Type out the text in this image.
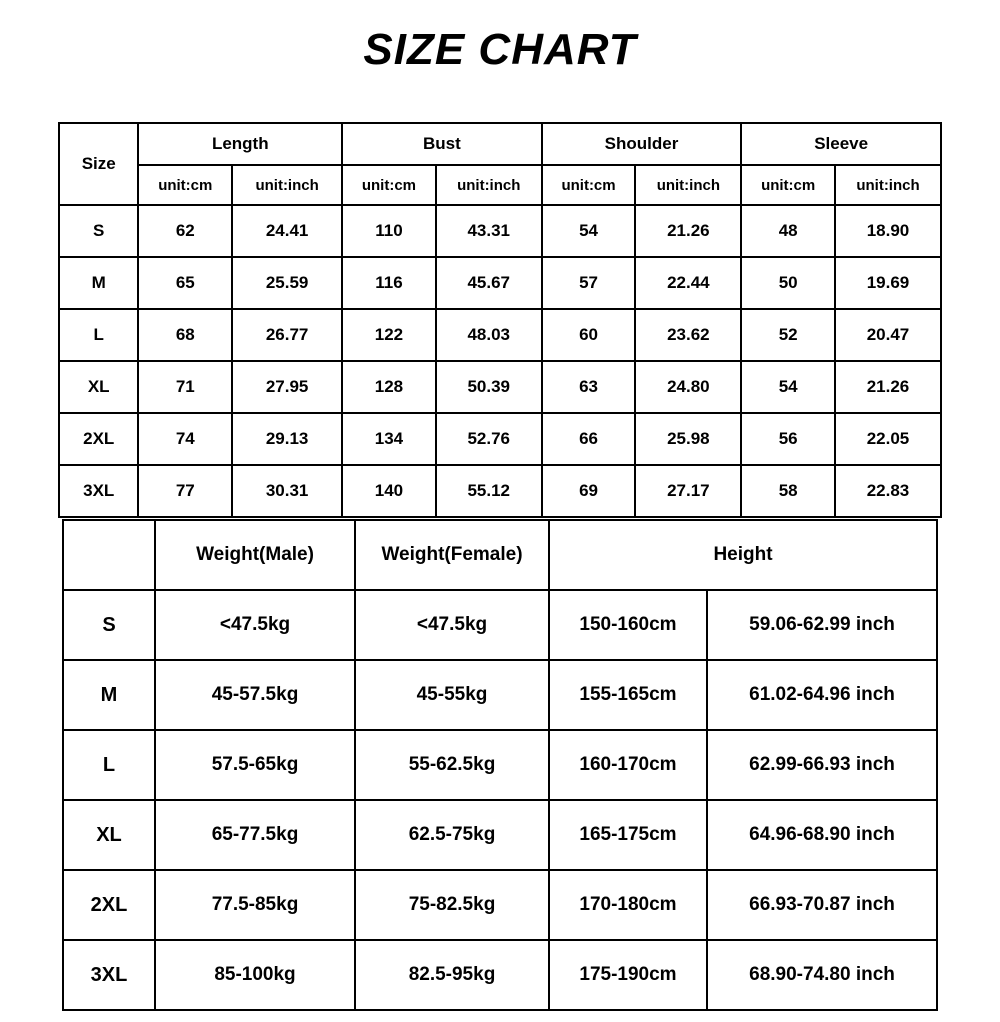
SIZE CHART
Size	Length		Bust		Shoulder		Sleeve	
	unit:cm	unit:inch	unit:cm	unit:inch	unit:cm	unit:inch	unit:cm	unit:inch
S	62	24.41	110	43.31	54	21.26	48	18.90
M	65	25.59	116	45.67	57	22.44	50	19.69
L	68	26.77	122	48.03	60	23.62	52	20.47
XL	71	27.95	128	50.39	63	24.80	54	21.26
2XL	74	29.13	134	52.76	66	25.98	56	22.05
3XL	77	30.31	140	55.12	69	27.17	58	22.83
	Weight(Male)	Weight(Female)	Height	
S	<47.5kg	<47.5kg	150-160cm	59.06-62.99 inch
M	45-57.5kg	45-55kg	155-165cm	61.02-64.96 inch
L	57.5-65kg	55-62.5kg	160-170cm	62.99-66.93 inch
XL	65-77.5kg	62.5-75kg	165-175cm	64.96-68.90 inch
2XL	77.5-85kg	75-82.5kg	170-180cm	66.93-70.87 inch
3XL	85-100kg	82.5-95kg	175-190cm	68.90-74.80 inch
